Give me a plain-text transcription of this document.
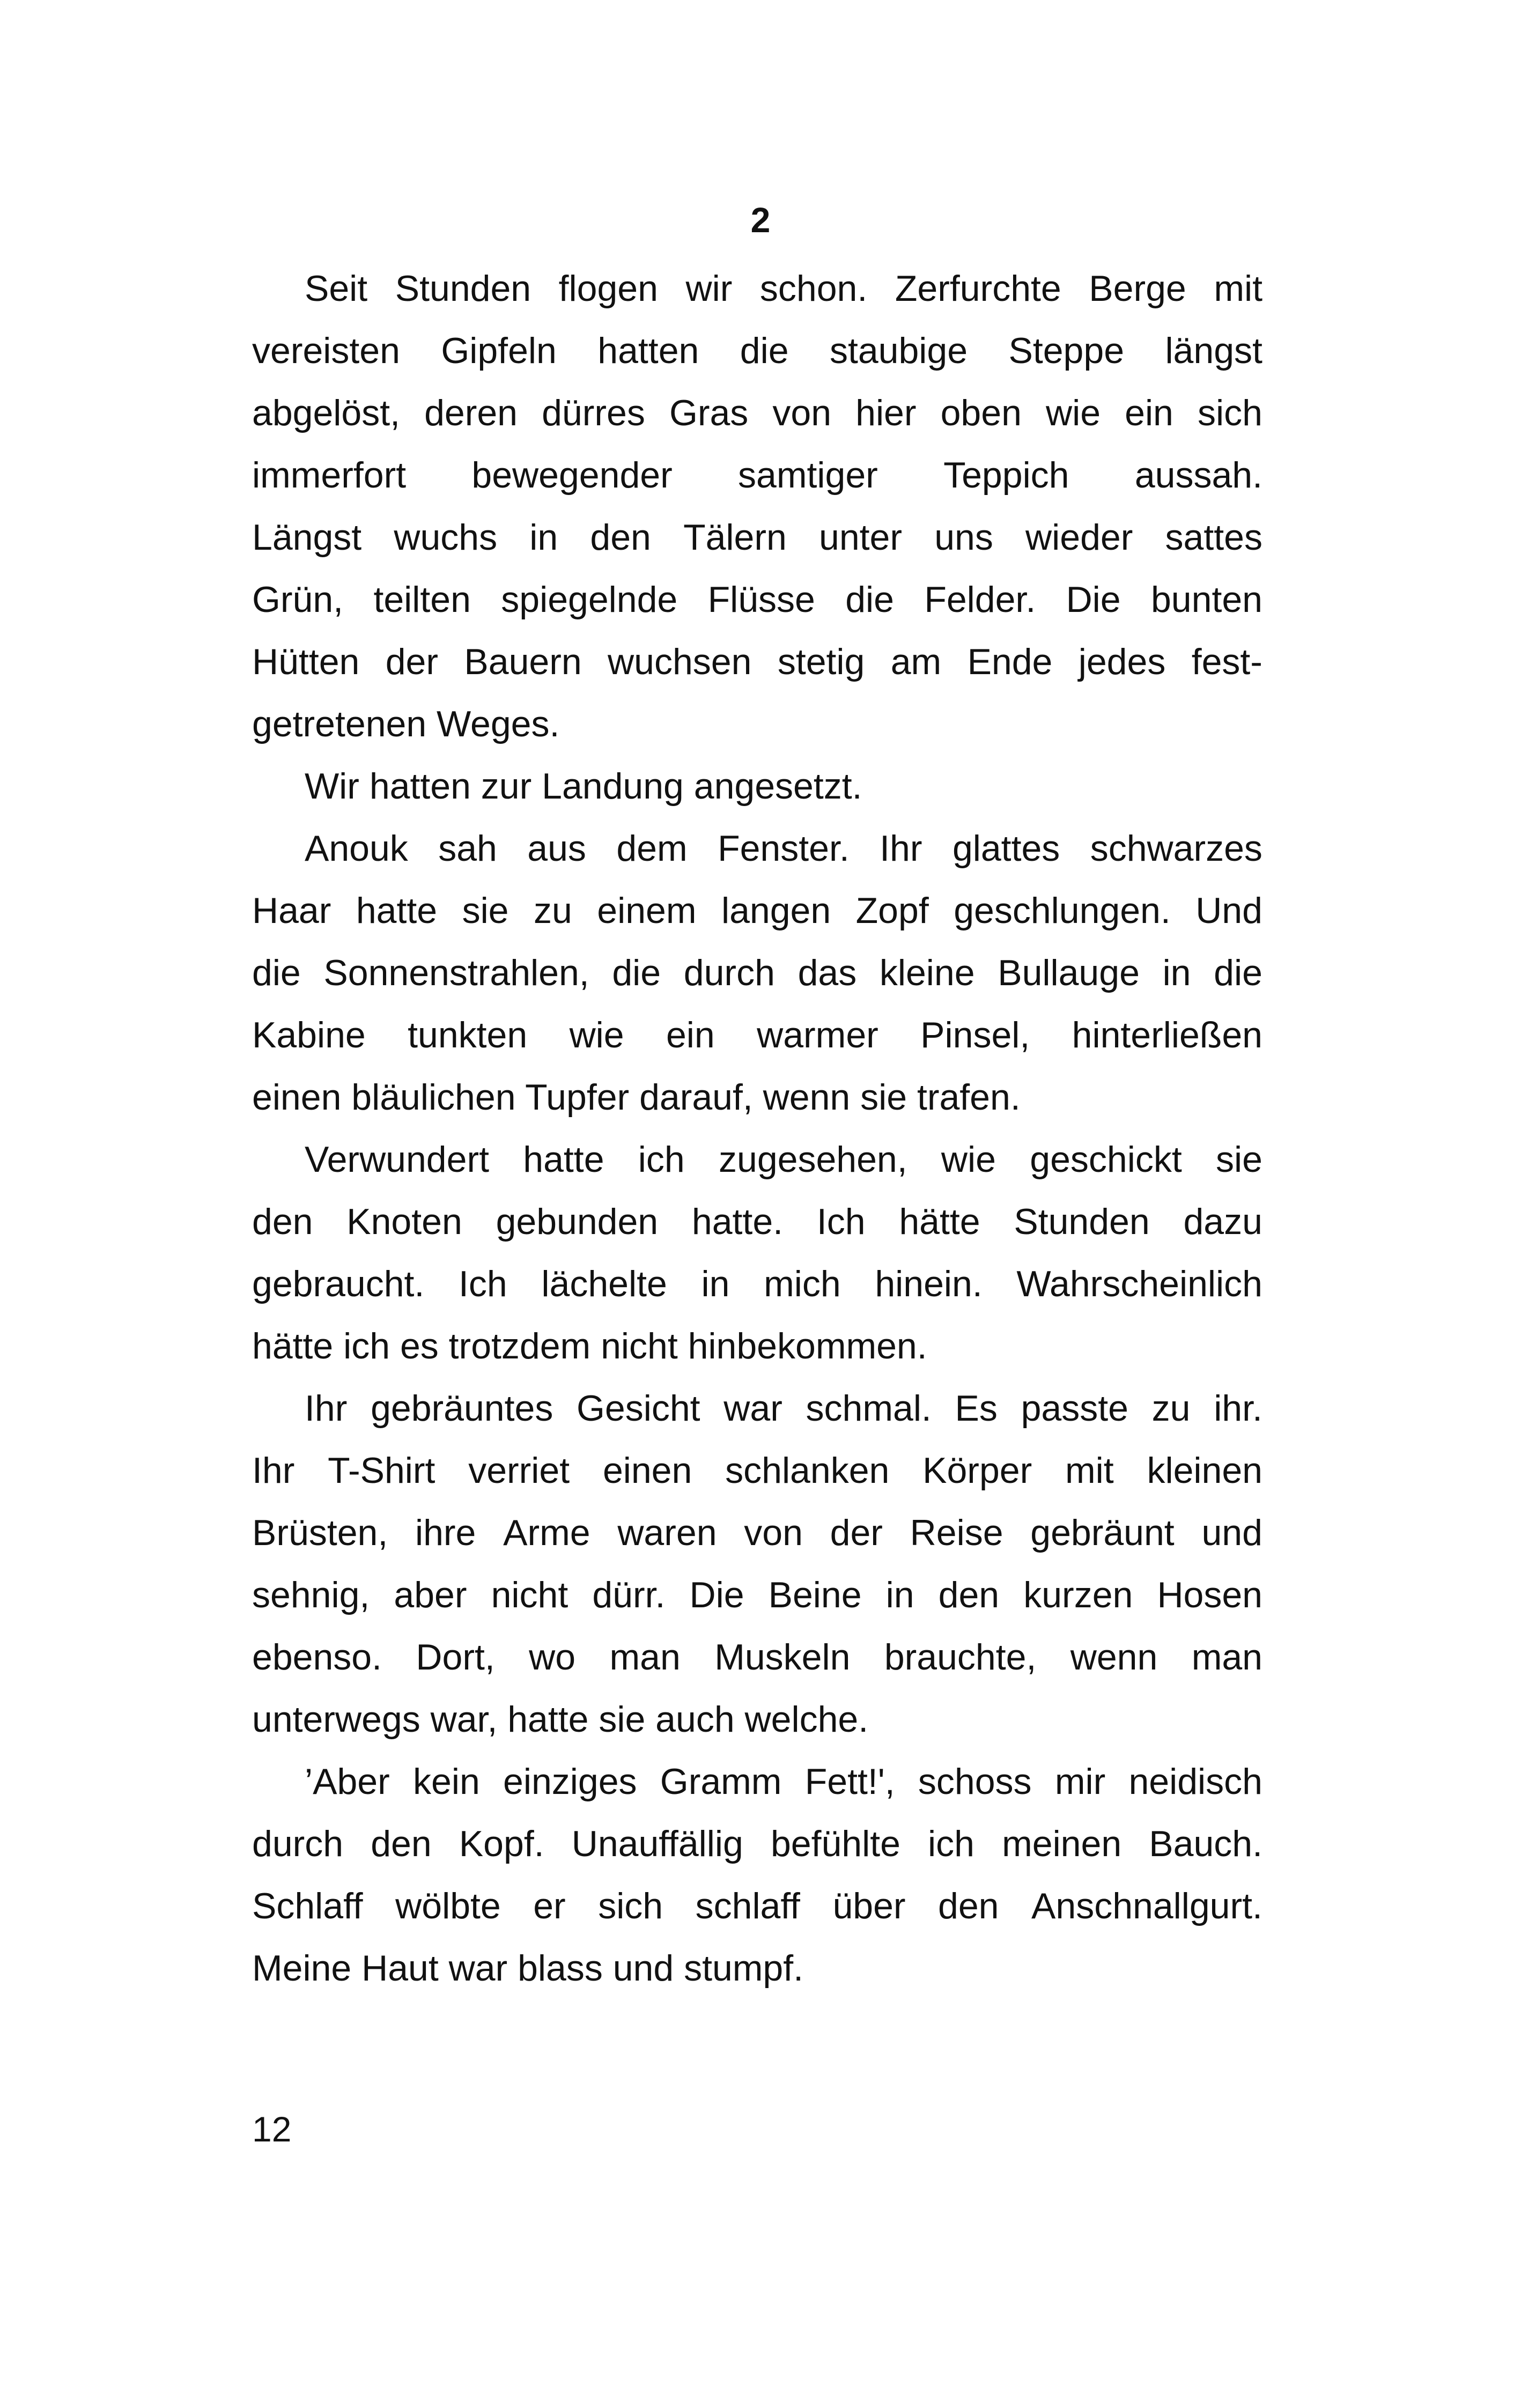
2

Seit Stunden flogen wir schon. Zerfurchte Berge mit

vereisten Gipfeln hatten die staubige Steppe längst

abgelöst, deren dürres Gras von hier oben wie ein sich

immerfort bewegender samtiger Teppich aussah.

Längst wuchs in den Tälern unter uns wieder sattes

Grün, teilten spiegelnde Flüsse die Felder. Die bunten

Hütten der Bauern wuchsen stetig am Ende jedes fest-

getretenen Weges.

Wir hatten zur Landung angesetzt.

Anouk sah aus dem Fenster. Ihr glattes schwarzes

Haar hatte sie zu einem langen Zopf geschlungen. Und

die Sonnenstrahlen, die durch das kleine Bullauge in die

Kabine tunkten wie ein warmer Pinsel, hinterließen

einen bläulichen Tupfer darauf, wenn sie trafen.

Verwundert hatte ich zugesehen, wie geschickt sie

den Knoten gebunden hatte. Ich hätte Stunden dazu

gebraucht. Ich lächelte in mich hinein. Wahrscheinlich

hätte ich es trotzdem nicht hinbekommen.

Ihr gebräuntes Gesicht war schmal. Es passte zu ihr.

Ihr T-Shirt verriet einen schlanken Körper mit kleinen

Brüsten, ihre Arme waren von der Reise gebräunt und

sehnig, aber nicht dürr. Die Beine in den kurzen Hosen

ebenso. Dort, wo man Muskeln brauchte, wenn man

unterwegs war, hatte sie auch welche.

’Aber kein einziges Gramm Fett!', schoss mir neidisch

durch den Kopf. Unauffällig befühlte ich meinen Bauch.

Schlaff wölbte er sich schlaff über den Anschnallgurt.

Meine Haut war blass und stumpf.

12
